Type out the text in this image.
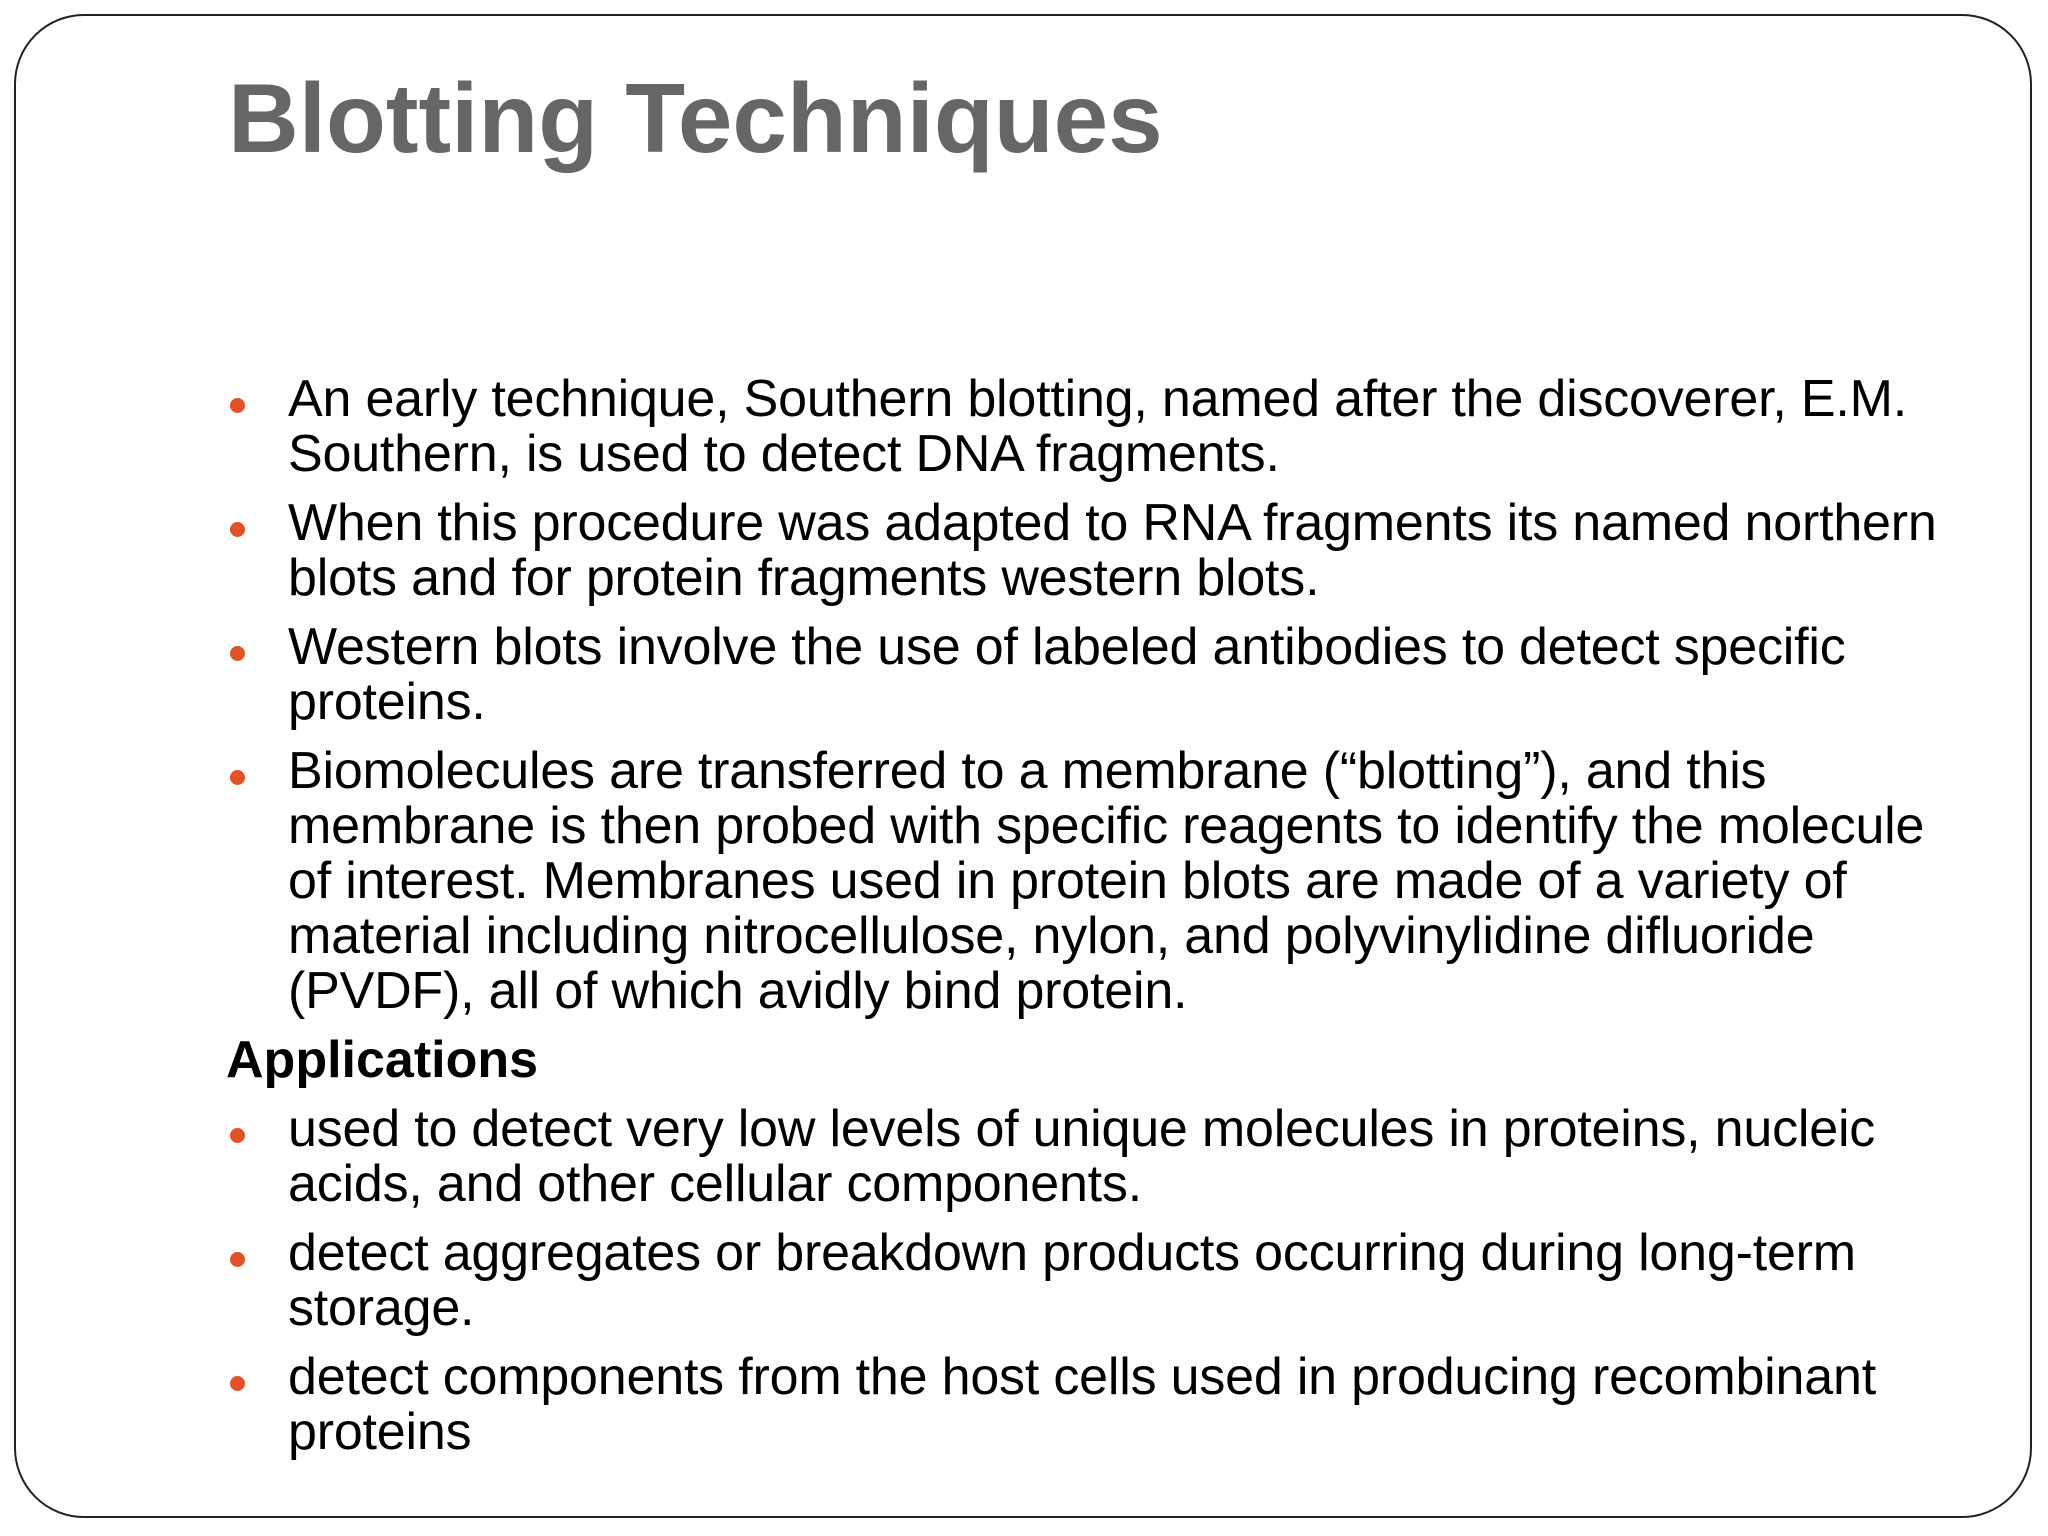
Blotting Techniques
An early technique, Southern blotting, named after the discoverer, E.M. Southern, is used to detect DNA fragments.
When this procedure was adapted to RNA fragments its named northern blots and for protein fragments western blots.
Western blots involve the use of labeled antibodies to detect specific proteins.
Biomolecules are transferred to a membrane (“blotting”), and this membrane is then probed with specific reagents to identify the molecule of interest. Membranes used in protein blots are made of a variety of material including nitrocellulose, nylon, and polyvinylidine difluoride (PVDF), all of which avidly bind protein.
Applications
used to detect very low levels of unique molecules in proteins, nucleic acids, and other cellular components.
detect aggregates or breakdown products occurring during long-term storage.
detect components from the host cells used in producing recombinant proteins
